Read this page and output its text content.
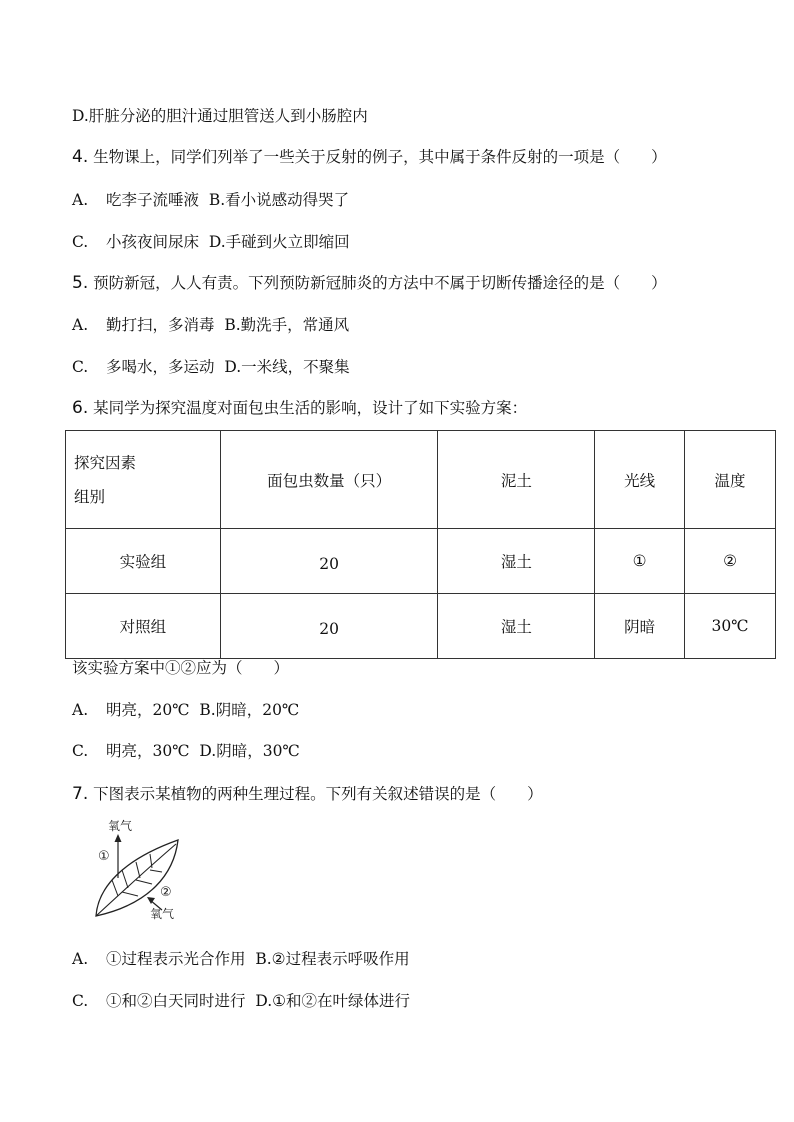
D.肝脏分泌的胆汁通过胆管送人到小肠腔内
4. 生物课上，同学们列举了一些关于反射的例子，其中属于条件反射的一项是（　　）
A. 吃李子流唾液  B.看小说感动得哭了
C. 小孩夜间尿床  D.手碰到火立即缩回
5. 预防新冠，人人有责。下列预防新冠肺炎的方法中不属于切断传播途径的是（　　）
A. 勤打扫，多消毒  B.勤洗手，常通风
C. 多喝水，多运动  D.一米线，不聚集
6. 某同学为探究温度对面包虫生活的影响，设计了如下实验方案：
探究因素
组别	面包虫数量（只）	泥土	光线	温度
实验组	20	湿土	①	②
对照组	20	湿土	阴暗	30℃
该实验方案中①②应为（　　）
A. 明亮，20℃  B.阴暗，20℃
C. 明亮，30℃  D.阴暗，30℃
7. 下图表示某植物的两种生理过程。下列有关叙述错误的是（　　）
氧气
①
②
氧气
A. ①过程表示光合作用  B.②过程表示呼吸作用
C. ①和②白天同时进行  D.①和②在叶绿体进行
